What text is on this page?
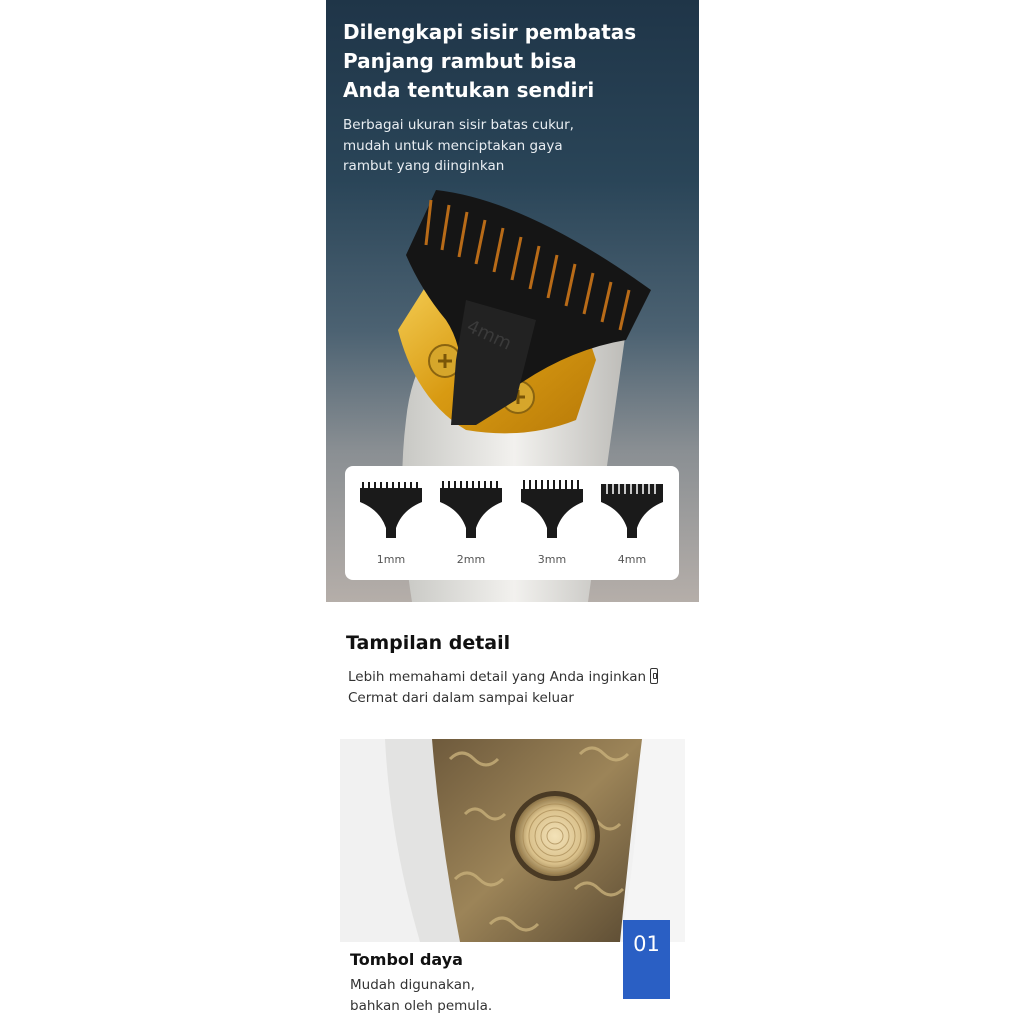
4mm
Dilengkapi sisir pembatas
Panjang rambut bisa
Anda tentukan sendiri
Berbagai ukuran sisir batas cukur,
mudah untuk menciptakan gaya
rambut yang diinginkan
1mm	2mm	3mm	4mm
Tampilan detail
Lebih memahami detail yang Anda inginkan
Cermat dari dalam sampai keluar
01
Tombol daya
Mudah digunakan,
bahkan oleh pemula.
